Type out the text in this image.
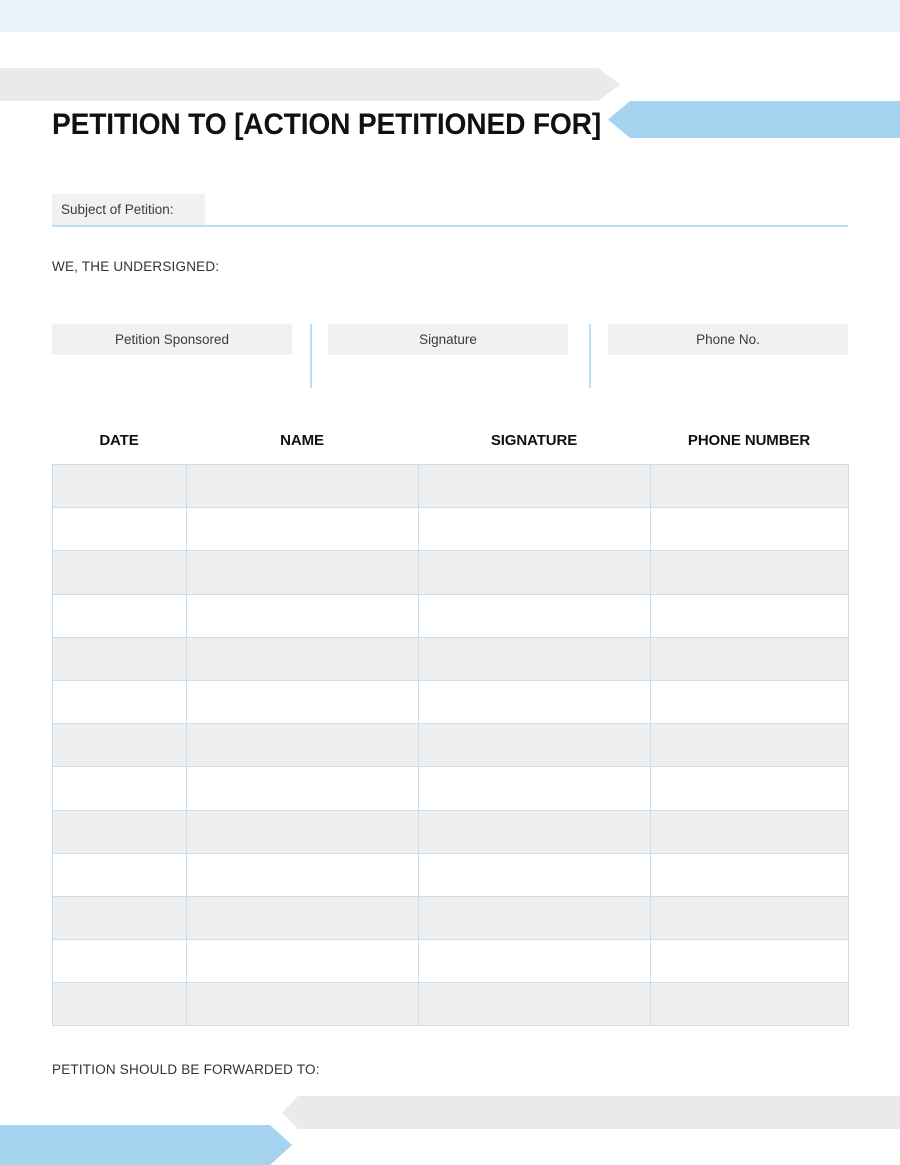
PETITION TO [ACTION PETITIONED FOR]
Subject of Petition:
WE, THE UNDERSIGNED:
Petition Sponsored	Signature	Phone No.
DATE	NAME	SIGNATURE	PHONE NUMBER

PETITION SHOULD BE FORWARDED TO:
